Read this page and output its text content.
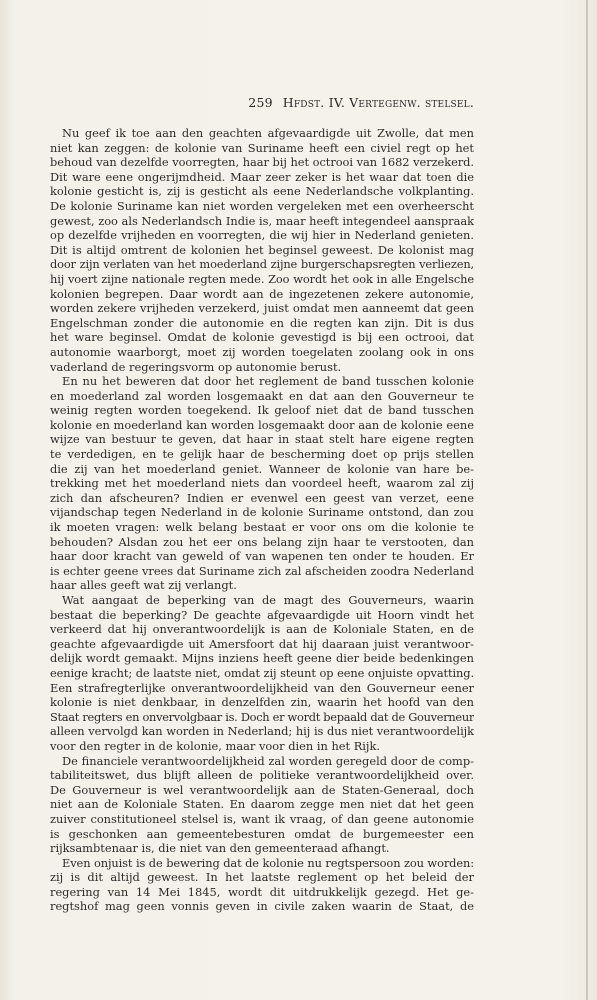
259 Hfdst. IV. Vertegenw. stelsel.
Nu geef ik toe aan den geachten afgevaardigde uit Zwolle, dat men
niet kan zeggen: de kolonie van Suriname heeft een civiel regt op het
behoud van dezelfde voorregten, haar bij het octrooi van 1682 verzekerd.
Dit ware eene ongerijmdheid. Maar zeer zeker is het waar dat toen die
kolonie gesticht is, zij is gesticht als eene Nederlandsche volkplanting.
De kolonie Suriname kan niet worden vergeleken met een overheerscht
gewest, zoo als Nederlandsch Indie is, maar heeft integendeel aanspraak
op dezelfde vrijheden en voorregten, die wij hier in Nederland genieten.
Dit is altijd omtrent de kolonien het beginsel geweest. De kolonist mag
door zijn verlaten van het moederland zijne burgerschapsregten verliezen,
hij voert zijne nationale regten mede. Zoo wordt het ook in alle Engelsche
kolonien begrepen. Daar wordt aan de ingezetenen zekere autonomie,
worden zekere vrijheden verzekerd, juist omdat men aanneemt dat geen
Engelschman zonder die autonomie en die regten kan zijn. Dit is dus
het ware beginsel. Omdat de kolonie gevestigd is bij een octrooi, dat
autonomie waarborgt, moet zij worden toegelaten zoolang ook in ons
vaderland de regeringsvorm op autonomie berust.
En nu het beweren dat door het reglement de band tusschen kolonie
en moederland zal worden losgemaakt en dat aan den Gouverneur te
weinig regten worden toegekend. Ik geloof niet dat de band tusschen
kolonie en moederland kan worden losgemaakt door aan de kolonie eene
wijze van bestuur te geven, dat haar in staat stelt hare eigene regten
te verdedigen, en te gelijk haar de bescherming doet op prijs stellen
die zij van het moederland geniet. Wanneer de kolonie van hare be-
trekking met het moederland niets dan voordeel heeft, waarom zal zij
zich dan afscheuren? Indien er evenwel een geest van verzet, eene
vijandschap tegen Nederland in de kolonie Suriname ontstond, dan zou
ik moeten vragen: welk belang bestaat er voor ons om die kolonie te
behouden? Alsdan zou het eer ons belang zijn haar te verstooten, dan
haar door kracht van geweld of van wapenen ten onder te houden. Er
is echter geene vrees dat Suriname zich zal afscheiden zoodra Nederland
haar alles geeft wat zij verlangt.
Wat aangaat de beperking van de magt des Gouverneurs, waarin
bestaat die beperking? De geachte afgevaardigde uit Hoorn vindt het
verkeerd dat hij onverantwoordelijk is aan de Koloniale Staten, en de
geachte afgevaardigde uit Amersfoort dat hij daaraan juist verantwoor-
delijk wordt gemaakt. Mijns inziens heeft geene dier beide bedenkingen
eenige kracht; de laatste niet, omdat zij steunt op eene onjuiste opvatting.
Een strafregterlijke onverantwoordelijkheid van den Gouverneur eener
kolonie is niet denkbaar, in denzelfden zin, waarin het hoofd van den
Staat regters en onvervolgbaar is. Doch er wordt bepaald dat de Gouverneur
alleen vervolgd kan worden in Nederland; hij is dus niet verantwoordelijk
voor den regter in de kolonie, maar voor dien in het Rijk.
De financiele verantwoordelijkheid zal worden geregeld door de comp-
tabiliteitswet, dus blijft alleen de politieke verantwoordelijkheid over.
De Gouverneur is wel verantwoordelijk aan de Staten-Generaal, doch
niet aan de Koloniale Staten. En daarom zegge men niet dat het geen
zuiver constitutioneel stelsel is, want ik vraag, of dan geene autonomie
is geschonken aan gemeentebesturen omdat de burgemeester een
rijksambtenaar is, die niet van den gemeenteraad afhangt.
Even onjuist is de bewering dat de kolonie nu regtspersoon zou worden:
zij is dit altijd geweest. In het laatste reglement op het beleid der
regering van 14 Mei 1845, wordt dit uitdrukkelijk gezegd. Het ge-
regtshof mag geen vonnis geven in civile zaken waarin de Staat, de
